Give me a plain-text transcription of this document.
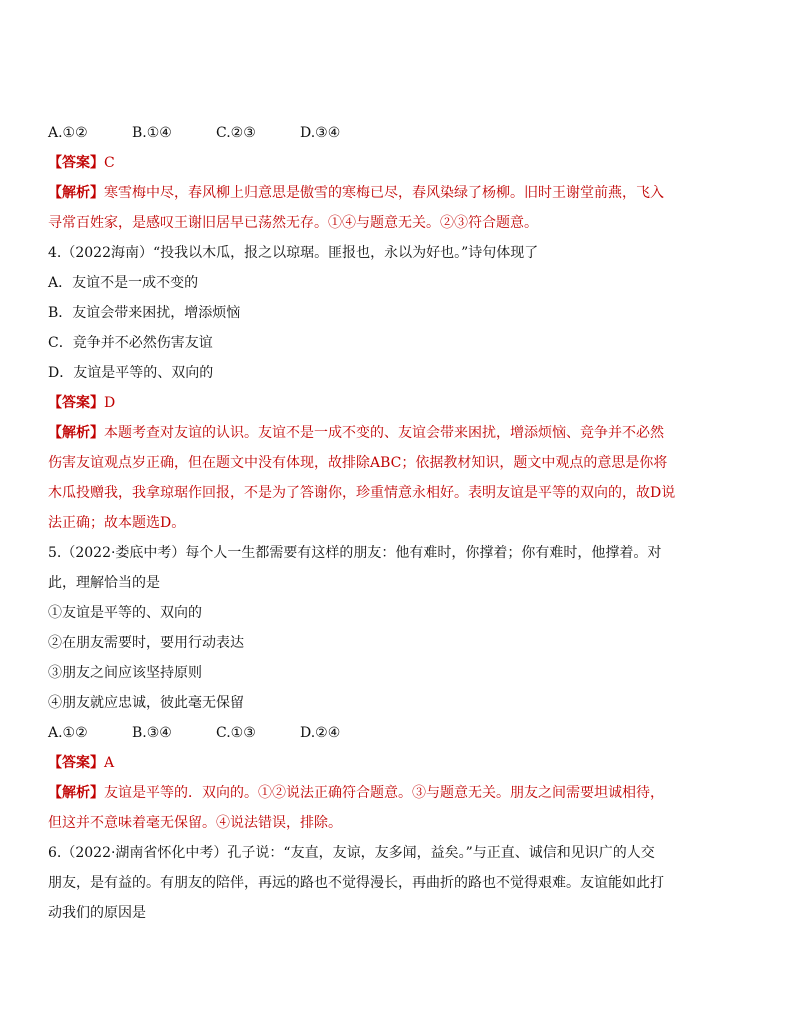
A.①②	B.①④	C.②③	D.③④
【答案】C
【解析】寒雪梅中尽，春风柳上归意思是傲雪的寒梅已尽，春风染绿了杨柳。旧时王谢堂前燕，飞入
寻常百姓家，是感叹王谢旧居早已荡然无存。①④与题意无关。②③符合题意。
4.（2022海南）“投我以木瓜，报之以琼琚。匪报也，永以为好也。”诗句体现了
A．友谊不是一成不变的
B．友谊会带来困扰，增添烦恼
C．竞争并不必然伤害友谊
D．友谊是平等的、双向的
【答案】D
【解析】本题考查对友谊的认识。友谊不是一成不变的、友谊会带来困扰，增添烦恼、竞争并不必然
伤害友谊观点岁正确，但在题文中没有体现，故排除ABC；依据教材知识，题文中观点的意思是你将
木瓜投赠我，我拿琼琚作回报，不是为了答谢你，珍重情意永相好。表明友谊是平等的双向的，故D说
法正确；故本题选D。
5.（2022·娄底中考）每个人一生都需要有这样的朋友：他有难时，你撑着；你有难时，他撑着。对
此，理解恰当的是
①友谊是平等的、双向的
②在朋友需要时，要用行动表达
③朋友之间应该坚持原则
④朋友就应忠诚，彼此毫无保留
A.①②	B.③④	C.①③	D.②④
【答案】A
【解析】友谊是平等的．双向的。①②说法正确符合题意。③与题意无关。朋友之间需要坦诚相待，
但这并不意味着毫无保留。④说法错误，排除。
6.（2022·湖南省怀化中考）孔子说：“友直，友谅，友多闻，益矣。”与正直、诚信和见识广的人交
朋友，是有益的。有朋友的陪伴，再远的路也不觉得漫长，再曲折的路也不觉得艰难。友谊能如此打
动我们的原因是
